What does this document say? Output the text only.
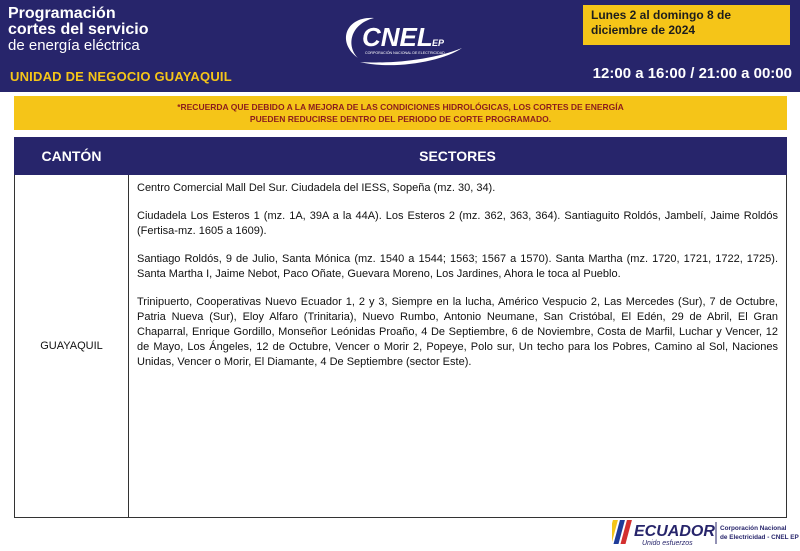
Programación
cortes del servicio
de energía eléctrica
UNIDAD DE NEGOCIO GUAYAQUIL
CNEL EP
CORPORACIÓN NACIONAL DE ELECTRICIDAD
Lunes 2 al domingo 8 de
diciembre de 2024
12:00 a 16:00 / 21:00 a 00:00
*RECUERDA QUE DEBIDO A LA MEJORA DE LAS CONDICIONES HIDROLÓGICAS, LOS CORTES DE ENERGÍA
PUEDEN REDUCIRSE DENTRO DEL PERIODO DE CORTE PROGRAMADO.
CANTÓN	SECTORES
GUAYAQUIL	Centro Comercial Mall Del Sur. Ciudadela del IESS, Sopeña (mz. 30, 34).

Ciudadela Los Esteros 1 (mz. 1A, 39A a la 44A). Los Esteros 2 (mz. 362, 363, 364). Santiaguito Roldós, Jambelí, Jaime Roldós (Fertisa-mz. 1605 a 1609).

Santiago Roldós, 9 de Julio, Santa Mónica (mz. 1540 a 1544; 1563; 1567 a 1570). Santa Martha (mz. 1720, 1721, 1722, 1725). Santa Martha I, Jaime Nebot, Paco Oñate, Guevara Moreno, Los Jardines, Ahora le toca al Pueblo.

Trinipuerto, Cooperativas Nuevo Ecuador 1, 2 y 3, Siempre en la lucha, Américo Vespucio 2, Las Mercedes (Sur), 7 de Octubre, Patria Nueva (Sur), Eloy Alfaro (Trinitaria), Nuevo Rumbo, Antonio Neumane, San Cristóbal, El Edén, 29 de Abril, El Gran Chaparral, Enrique Gordillo, Monseñor Leónidas Proaño, 4 De Septiembre, 6 de Noviembre, Costa de Marfil, Luchar y Vencer, 12 de Mayo, Los Ángeles, 12 de Octubre, Vencer o Morir 2, Popeye, Polo sur, Un techo para los Pobres, Camino al Sol, Naciones Unidas, Vencer o Morir, El Diamante, 4 De Septiembre (sector Este).

ECUADOR
Unido esfuerzos
Corporación Nacional
de Electricidad - CNEL EP
